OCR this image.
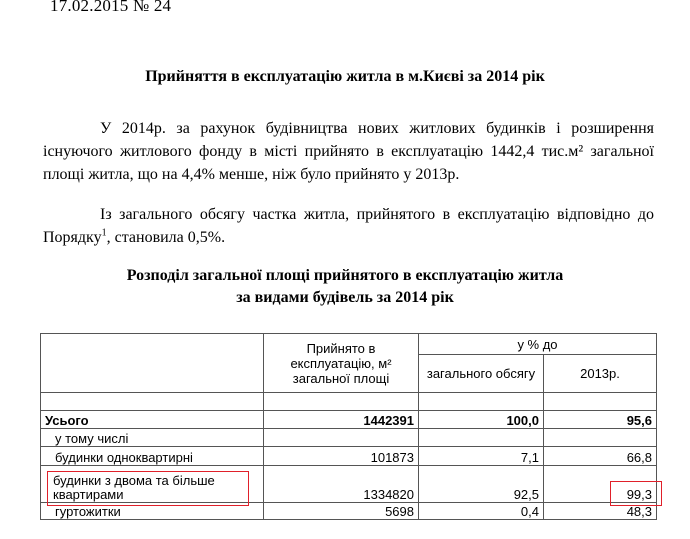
17.02.2015 № 24
Прийняття в експлуатацію житла в м.Києві за 2014 рік
У 2014р. за рахунок будівництва нових житлових будинків і розширення існуючого житлового фонду в місті прийнято в експлуатацію 1442,4 тис.м² загальної площі житла, що на 4,4% менше, ніж було прийнято у 2013р.
Із загального обсягу частка житла, прийнятого в експлуатацію відповідно до Порядку$^1$, становила 0,5%.
Розподіл загальної площі прийнятого в експлуатацію житла
за видами будівель за 2014 рік
	Прийнято в експлуатацію, м² загальної площі	у % до	
		загального обсягу	2013р.

Усього	1442391	100,0	95,6
у тому числі			
будинки одноквартирні	101873	7,1	66,8
будинки з двома та більше квартирами	1334820	92,5	99,3
гуртожитки	5698	0,4	48,3
